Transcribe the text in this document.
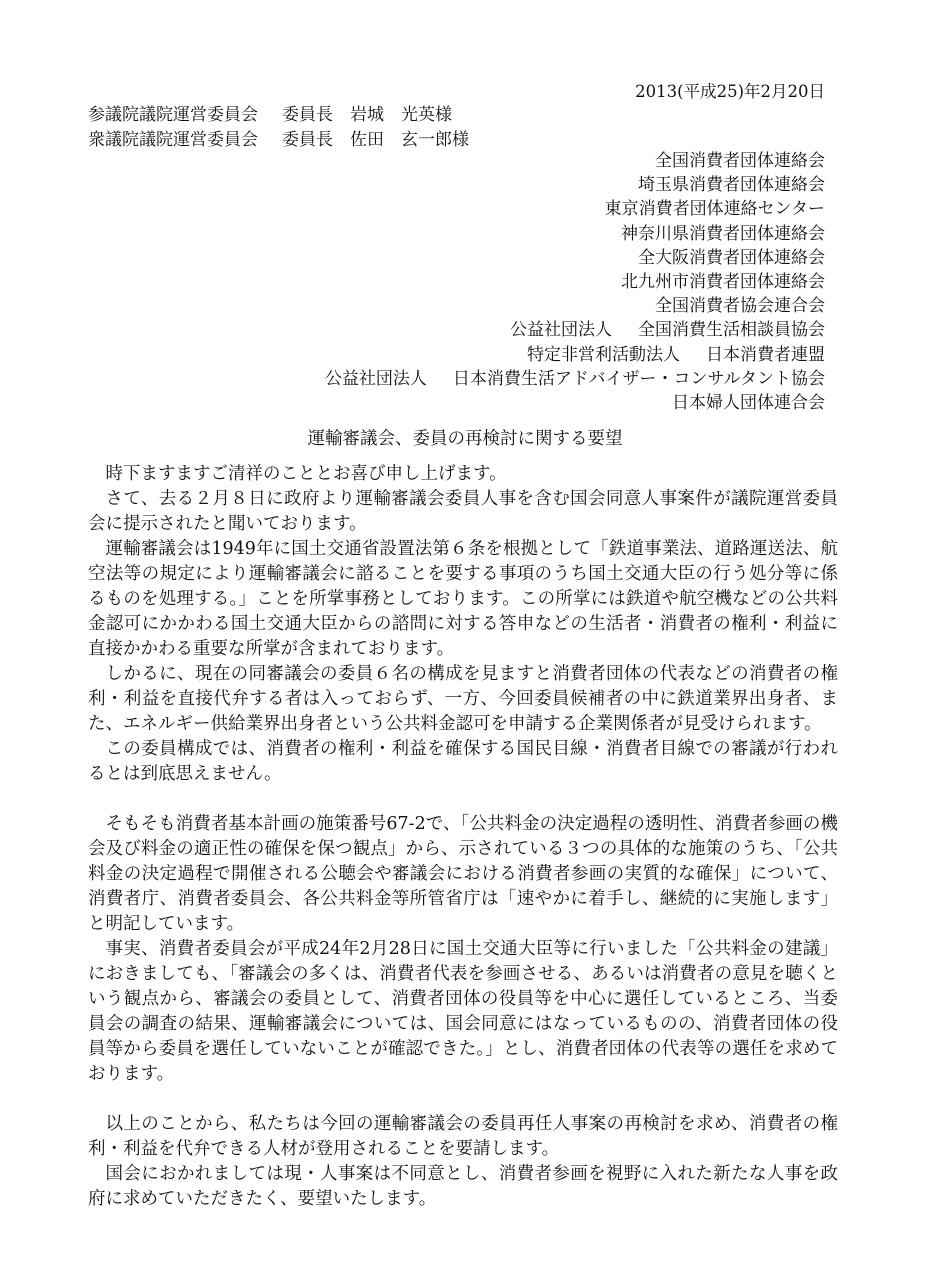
2013(平成25)年2月20日
参議院議院運営委員会 委員長 岩城　光英様
衆議院議院運営委員会 委員長 佐田　玄一郎様
全国消費者団体連絡会
埼玉県消費者団体連絡会
東京消費者団体連絡センター
神奈川県消費者団体連絡会
全大阪消費者団体連絡会
北九州市消費者団体連絡会
全国消費者協会連合会
公益社団法人 全国消費生活相談員協会
特定非営利活動法人 日本消費者連盟
公益社団法人 日本消費生活アドバイザー・コンサルタント協会
日本婦人団体連合会
運輸審議会、委員の再検討に関する要望

時下ますますご清祥のこととお喜び申し上げます。

さて、去る２月８日に政府より運輸審議会委員人事を含む国会同意人事案件が議院運営委員会に提示されたと聞いております。

運輸審議会は1949年に国土交通省設置法第６条を根拠として「鉄道事業法、道路運送法、航空法等の規定により運輸審議会に諮ることを要する事項のうち国土交通大臣の行う処分等に係るものを処理する。」ことを所掌事務としております。この所掌には鉄道や航空機などの公共料金認可にかかわる国土交通大臣からの諮問に対する答申などの生活者・消費者の権利・利益に直接かかわる重要な所掌が含まれております。

しかるに、現在の同審議会の委員６名の構成を見ますと消費者団体の代表などの消費者の権利・利益を直接代弁する者は入っておらず、一方、今回委員候補者の中に鉄道業界出身者、また、エネルギー供給業界出身者という公共料金認可を申請する企業関係者が見受けられます。

この委員構成では、消費者の権利・利益を確保する国民目線・消費者目線での審議が行われるとは到底思えません。

そもそも消費者基本計画の施策番号67-2で、「公共料金の決定過程の透明性、消費者参画の機会及び料金の適正性の確保を保つ観点」から、示されている３つの具体的な施策のうち、「公共料金の決定過程で開催される公聴会や審議会における消費者参画の実質的な確保」について、消費者庁、消費者委員会、各公共料金等所管省庁は「速やかに着手し、継続的に実施します」と明記しています。

事実、消費者委員会が平成24年2月28日に国土交通大臣等に行いました「公共料金の建議」におきましても、「審議会の多くは、消費者代表を参画させる、あるいは消費者の意見を聴くという観点から、審議会の委員として、消費者団体の役員等を中心に選任しているところ、当委員会の調査の結果、運輸審議会については、国会同意にはなっているものの、消費者団体の役員等から委員を選任していないことが確認できた。」とし、消費者団体の代表等の選任を求めております。

以上のことから、私たちは今回の運輸審議会の委員再任人事案の再検討を求め、消費者の権利・利益を代弁できる人材が登用されることを要請します。

国会におかれましては現・人事案は不同意とし、消費者参画を視野に入れた新たな人事を政府に求めていただきたく、要望いたします。
